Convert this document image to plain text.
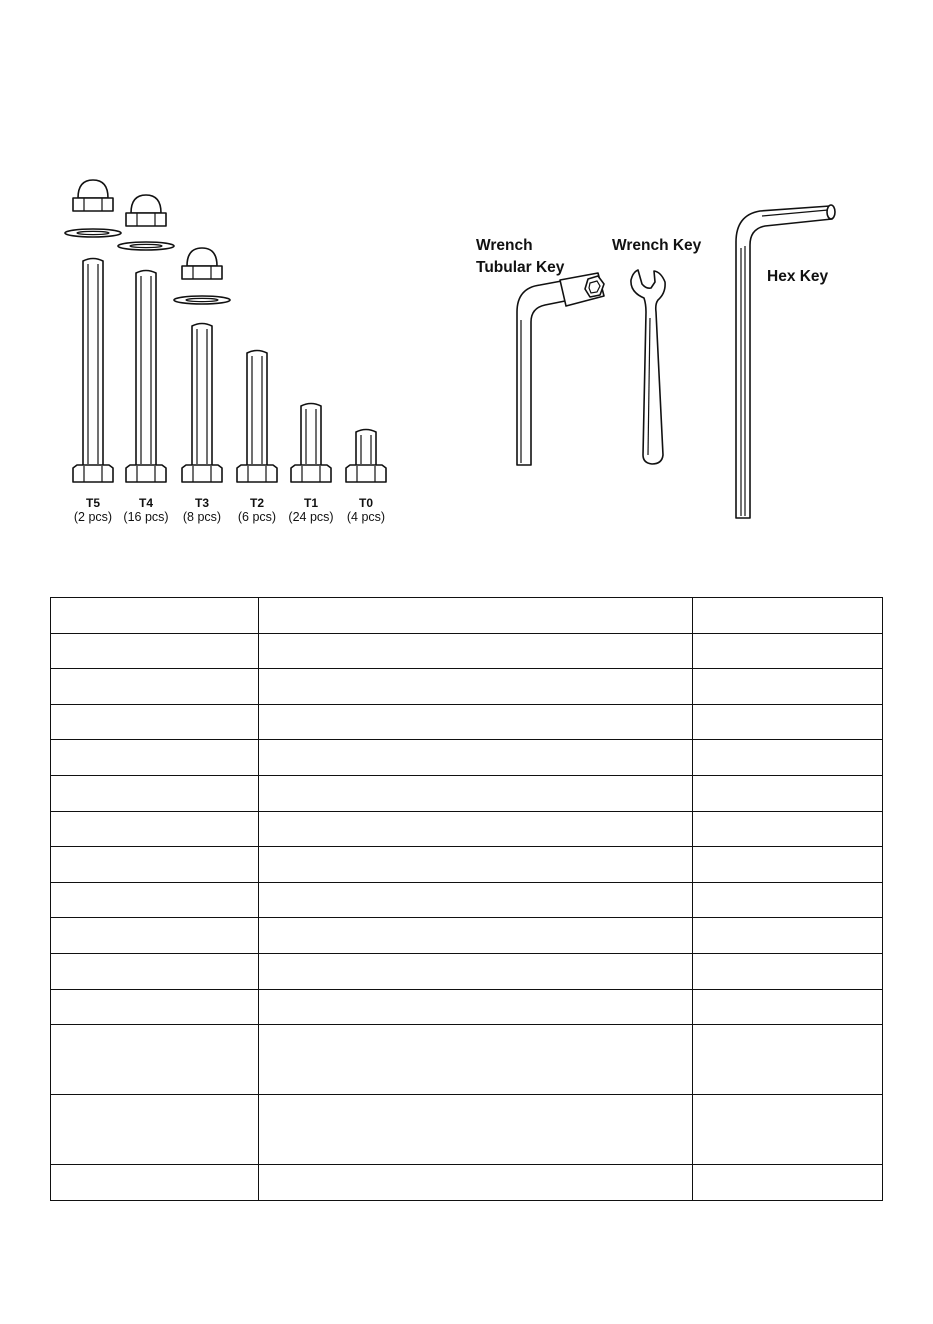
T5
(2 pcs)
T4
(16 pcs)
T3
(8 pcs)
T2
(6 pcs)
T1
(24 pcs)
T0
(4 pcs)
Wrench
Tubular Key
Wrench Key
Hex Key
